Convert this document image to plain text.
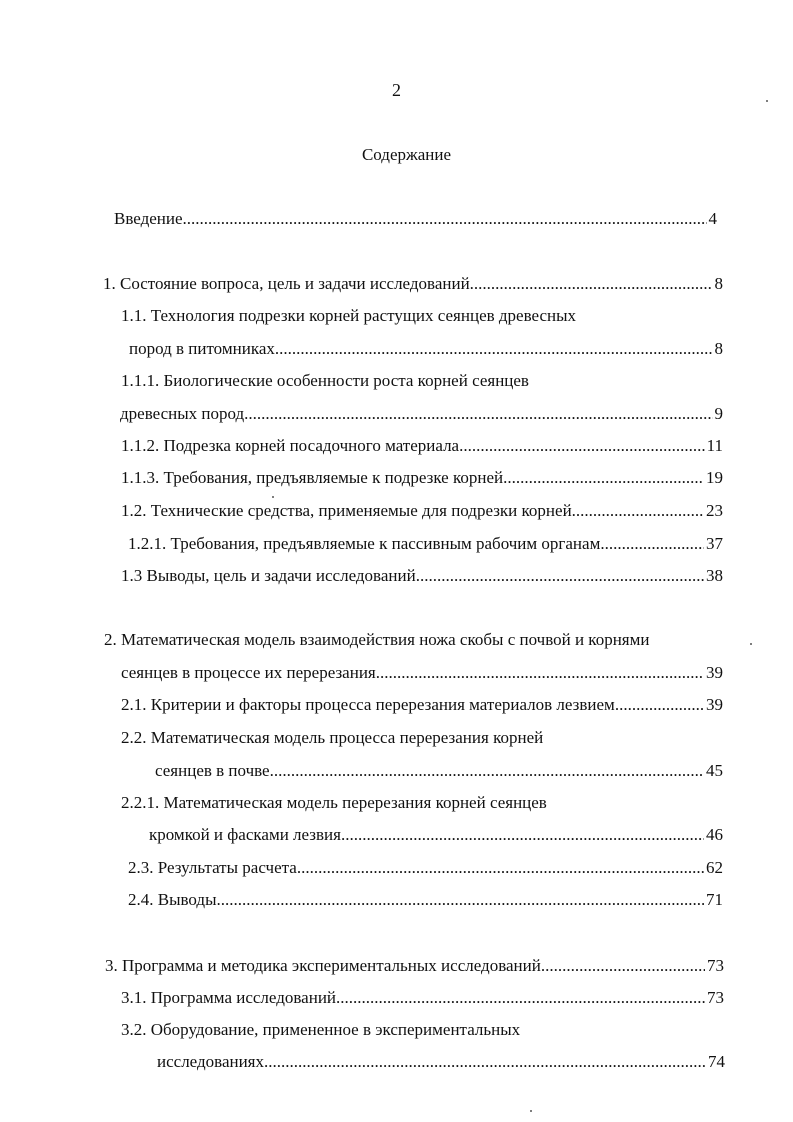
2
Содержание
Введение .....	4
1. Состояние вопроса, цель и задачи исследований .....	8
1.1. Технология подрезки корней растущих сеянцев древесных
пород в питомниках .....	8
1.1.1. Биологические особенности роста корней сеянцев
древесных пород .....	9
1.1.2. Подрезка корней посадочного материала .....	11
1.1.3. Требования, предъявляемые к подрезке корней .....	19
1.2. Технические средства, применяемые для подрезки корней .....	23
1.2.1. Требования, предъявляемые к пассивным рабочим органам .....	37
1.3 Выводы, цель и задачи исследований .....	38
2. Математическая модель взаимодействия ножа скобы с почвой и корнями
сеянцев в процессе их перерезания .....	39
2.1. Критерии и факторы процесса перерезания материалов лезвием .....	39
2.2. Математическая модель процесса перерезания корней
сеянцев в почве .....	45
2.2.1. Математическая модель перерезания корней сеянцев
кромкой и фасками лезвия .....	46
2.3. Результаты расчета .....	62
2.4. Выводы .....	71
3. Программа и методика экспериментальных исследований .....	73
3.1. Программа исследований .....	73
3.2. Оборудование, примененное в экспериментальных
исследованиях .....	74
